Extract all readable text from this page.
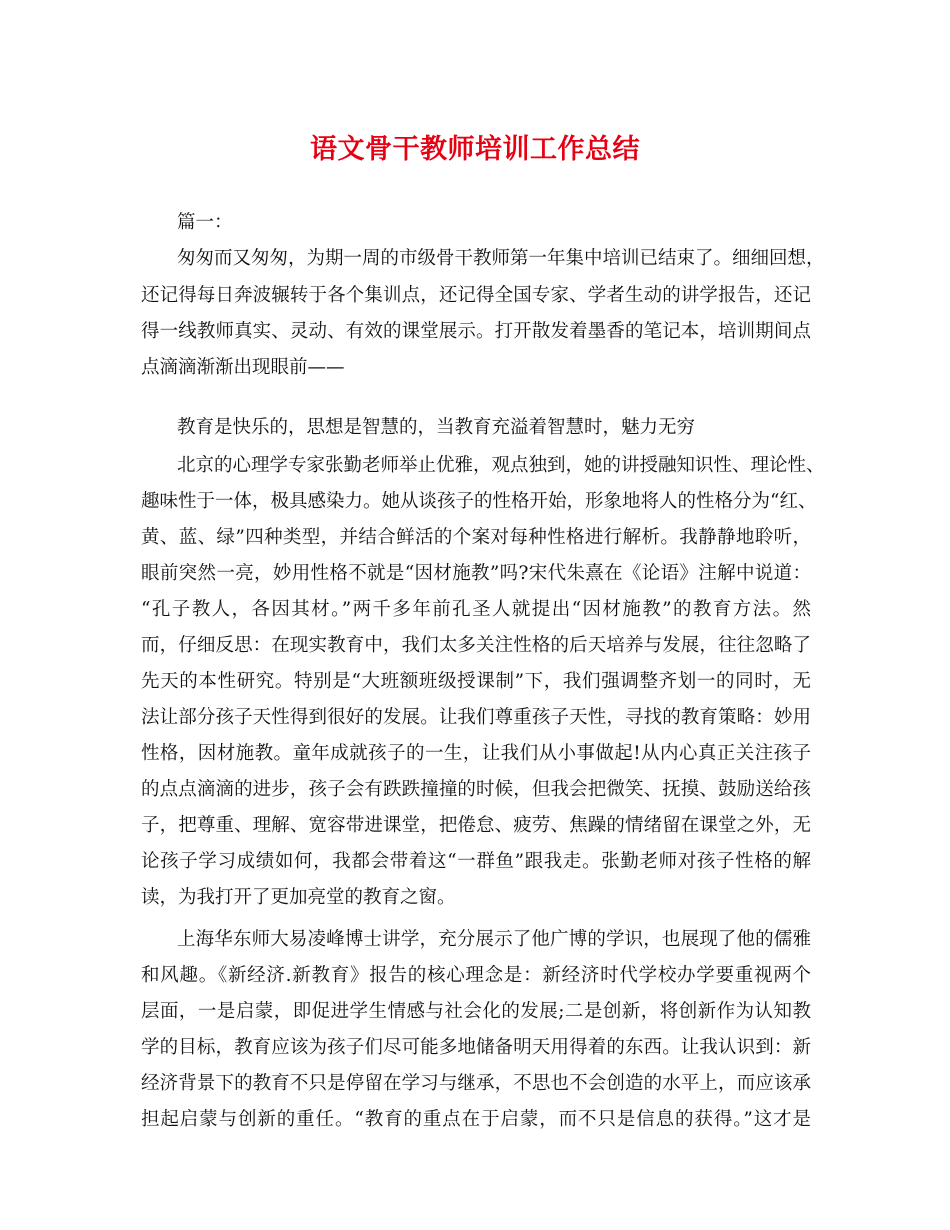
语文骨干教师培训工作总结
篇一：
匆匆而又匆匆，为期一周的市级骨干教师第一年集中培训已结束了。细细回想，
还记得每日奔波辗转于各个集训点，还记得全国专家、学者生动的讲学报告，还记
得一线教师真实、灵动、有效的课堂展示。打开散发着墨香的笔记本，培训期间点
点滴滴渐渐出现眼前——
教育是快乐的，思想是智慧的，当教育充溢着智慧时，魅力无穷
北京的心理学专家张勤老师举止优雅，观点独到，她的讲授融知识性、理论性、
趣味性于一体，极具感染力。她从谈孩子的性格开始，形象地将人的性格分为“红、
黄、蓝、绿”四种类型，并结合鲜活的个案对每种性格进行解析。我静静地聆听，
眼前突然一亮，妙用性格不就是“因材施教”吗?宋代朱熹在《论语》注解中说道：
“孔子教人，各因其材。”两千多年前孔圣人就提出“因材施教”的教育方法。然
而，仔细反思：在现实教育中，我们太多关注性格的后天培养与发展，往往忽略了
先天的本性研究。特别是“大班额班级授课制”下，我们强调整齐划一的同时，无
法让部分孩子天性得到很好的发展。让我们尊重孩子天性，寻找的教育策略：妙用
性格，因材施教。童年成就孩子的一生，让我们从小事做起!从内心真正关注孩子
的点点滴滴的进步，孩子会有跌跌撞撞的时候，但我会把微笑、抚摸、鼓励送给孩
子，把尊重、理解、宽容带进课堂，把倦怠、疲劳、焦躁的情绪留在课堂之外，无
论孩子学习成绩如何，我都会带着这“一群鱼”跟我走。张勤老师对孩子性格的解
读，为我打开了更加亮堂的教育之窗。
上海华东师大易凌峰博士讲学，充分展示了他广博的学识，也展现了他的儒雅
和风趣。《新经济.新教育》报告的核心理念是：新经济时代学校办学要重视两个
层面，一是启蒙，即促进学生情感与社会化的发展;二是创新，将创新作为认知教
学的目标，教育应该为孩子们尽可能多地储备明天用得着的东西。让我认识到：新
经济背景下的教育不只是停留在学习与继承，不思也不会创造的水平上，而应该承
担起启蒙与创新的重任。“教育的重点在于启蒙，而不只是信息的获得。”这才是
